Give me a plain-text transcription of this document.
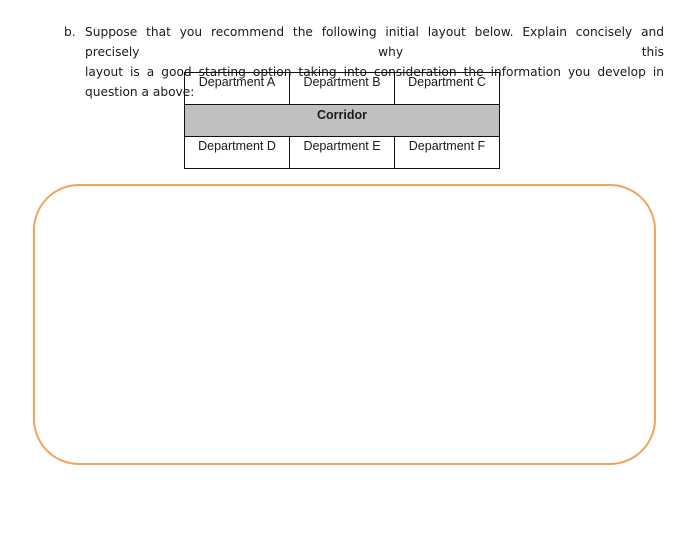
b. Suppose that you recommend the following initial layout below. Explain concisely and precisely why this
layout is a good starting option taking into consideration the information you develop in question a above:
Department A	Department B	Department C
Corridor		
Department D	Department E	Department F
